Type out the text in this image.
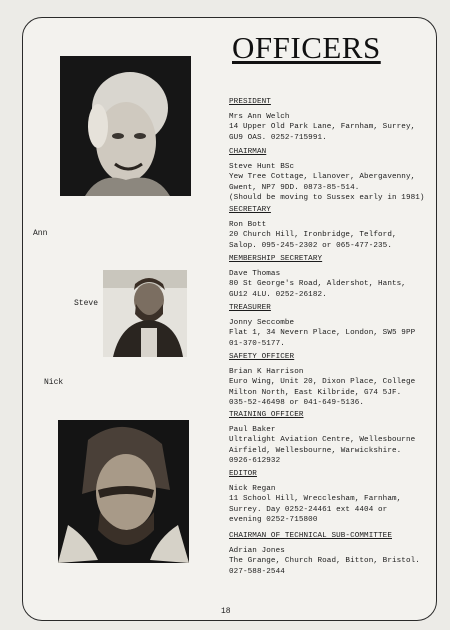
OFFICERS
Ann
Steve
Nick
PRESIDENT
Mrs Ann Welch
14 Upper Old Park Lane, Farnham, Surrey,
GU9 OAS. 0252-715991.
CHAIRMAN
Steve Hunt BSc
Yew Tree Cottage, Llanover, Abergavenny,
Gwent, NP7 9DD. 0873-85-514.
(Should be moving to Sussex early in 1981)
SECRETARY
Ron Bott
20 Church Hill, Ironbridge, Telford,
Salop. 095-245-2302 or 065-477-235.
MEMBERSHIP SECRETARY
Dave Thomas
80 St George's Road, Aldershot, Hants,
GU12 4LU. 0252-26182.
TREASURER
Jonny Seccombe
Flat 1, 34 Nevern Place, London, SW5 9PP
01-370-5177.
SAFETY OFFICER
Brian K Harrison
Euro Wing, Unit 20, Dixon Place, College
Milton North, East Kilbride, G74 5JF.
035-52-46498 or 041-649-5136.
TRAINING OFFICER
Paul Baker
Ultralight Aviation Centre, Wellesbourne
Airfield, Wellesbourne, Warwickshire.
0926-612932
EDITOR
Nick Regan
11 School Hill, Wrecclesham, Farnham,
Surrey. Day 0252-24461 ext 4404 or
evening 0252-715800
CHAIRMAN OF TECHNICAL SUB-COMMITTEE
Adrian Jones
The Grange, Church Road, Bitton, Bristol.
027-588-2544
18
